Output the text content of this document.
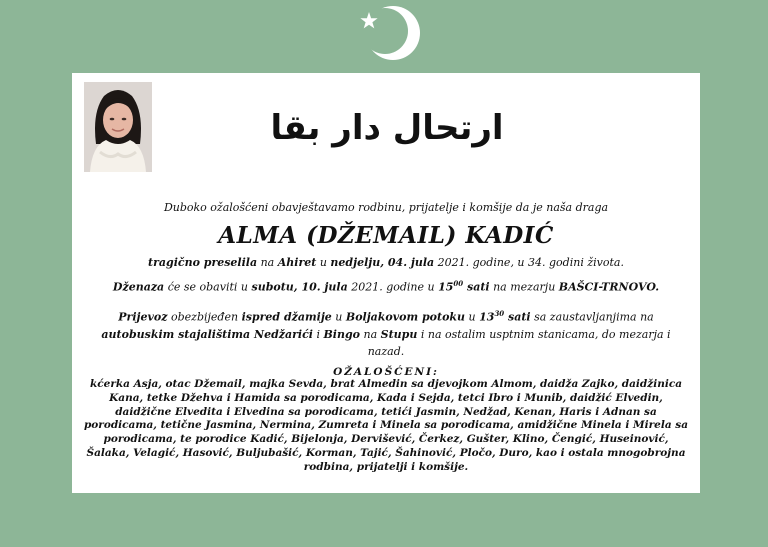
ارتحال دار بقا
Duboko ožalošćeni obavještavamo rodbinu, prijatelje i komšije da je naša draga
ALMA (DŽEMAIL) KADIĆ
tragično preselila na Ahiret u nedjelju, 04. jula 2021. godine, u 34. godini života.
Dženaza će se obaviti u subotu, 10. jula 2021. godine u $15^{00}$ sati na mezarju BAŠCI-TRNOVO.
Prijevoz obezbijeđen ispred džamije u Boljakovom potoku u $13^{30}$ sati sa zaustavljanjima na autobuskim stajalištima Nedžarići i Bingo na Stupu i na ostalim usptnim stanicama, do mezarja i nazad.
OŽALOŠĆENI:
kćerka Asja, otac Džemail, majka Sevda, brat Almedin sa djevojkom Almom, daidža Zajko, daidžinica Kana, tetke Džehva i Hamida sa porodicama, Kada i Sejda, tetci Ibro i Munib, daidžić Elvedin, daidžične Elvedita i Elvedina sa porodicama, tetići Jasmin, Nedžad, Kenan, Haris i Adnan sa porodicama, tetične Jasmina, Nermina, Zumreta i Minela sa porodicama, amidžične Minela i Mirela sa porodicama, te porodice Kadić, Bijelonja, Dervišević, Čerkez, Gušter, Klino, Čengić, Huseinović, Šalaka, Velagić, Hasović, Buljubašić, Korman, Tajić, Šahinović, Pločo, Duro, kao i ostala mnogobrojna rodbina, prijatelji i komšije.
